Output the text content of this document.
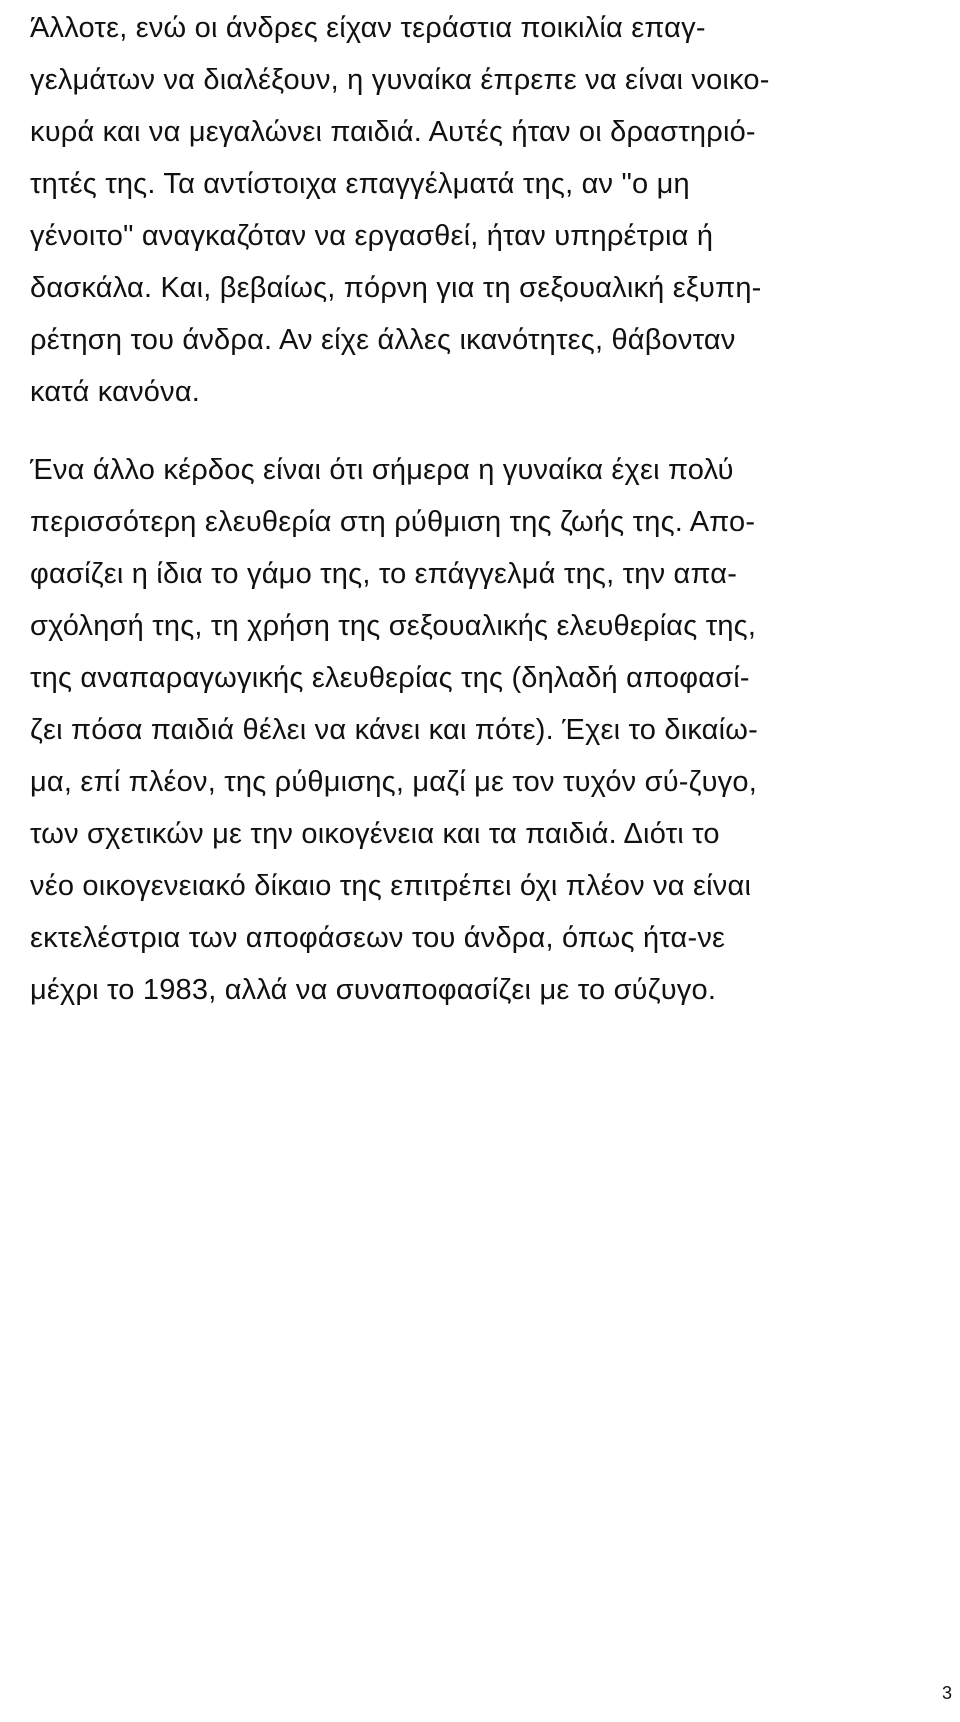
Άλλοτε, ενώ οι άνδρες είχαν τεράστια ποικιλία επαγ-
γελμάτων να διαλέξουν, η γυναίκα έπρεπε να είναι νοικο-
κυρά και να μεγαλώνει παιδιά. Αυτές ήταν οι δραστηριό-
τητές της. Τα αντίστοιχα επαγγέλματά της, αν "ο μη
γένοιτο" αναγκαζόταν να εργασθεί, ήταν υπηρέτρια ή
δασκάλα. Και, βεβαίως, πόρνη για τη σεξουαλική εξυπη-
ρέτηση του άνδρα. Αν είχε άλλες ικανότητες, θάβονταν
κατά κανόνα.

Ένα άλλο κέρδος είναι ότι σήμερα η γυναίκα έχει πολύ
περισσότερη ελευθερία στη ρύθμιση της ζωής της. Απο-
φασίζει η ίδια το γάμο της, το επάγγελμά της, την απα-
σχόλησή της, τη χρήση της σεξουαλικής ελευθερίας της,
της αναπαραγωγικής ελευθερίας της (δηλαδή αποφασί-
ζει πόσα παιδιά θέλει να κάνει και πότε). Έχει το δικαίω-
μα, επί πλέον, της ρύθμισης, μαζί με τον τυχόν σύ-ζυγο,
των σχετικών με την οικογένεια και τα παιδιά. Διότι το
νέο οικογενειακό δίκαιο της επιτρέπει όχι πλέον να είναι
εκτελέστρια των αποφάσεων του άνδρα, όπως ήτα-νε
μέχρι το 1983, αλλά να συναποφασίζει με το σύζυγο.

3
